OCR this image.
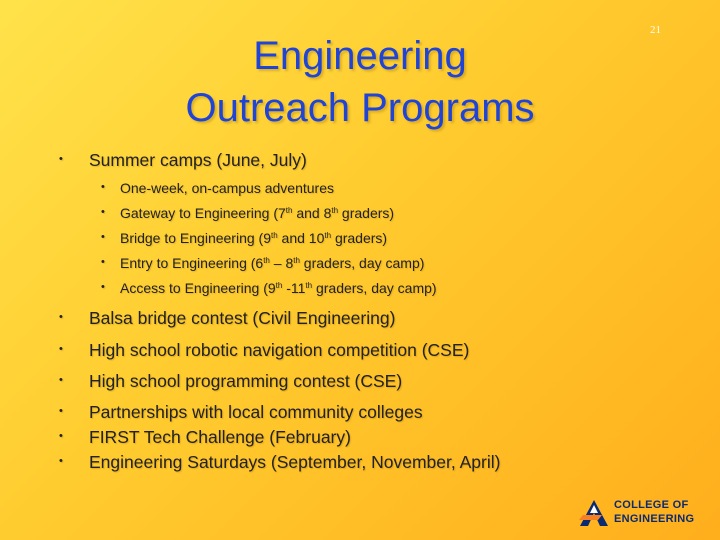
Engineering
Outreach Programs
21
• Summer camps (June, July)
• One-week, on-campus adventures
• Gateway to Engineering (7th and 8th graders)
• Bridge to Engineering (9th and 10th graders)
• Entry to Engineering (6th – 8th graders, day camp)
• Access to Engineering (9th -11th graders, day camp)
• Balsa bridge contest (Civil Engineering)
• High school robotic navigation competition (CSE)
• High school programming contest (CSE)
• Partnerships with local community colleges
• FIRST Tech Challenge (February)
• Engineering Saturdays (September, November, April)
COLLEGE OF
ENGINEERING
